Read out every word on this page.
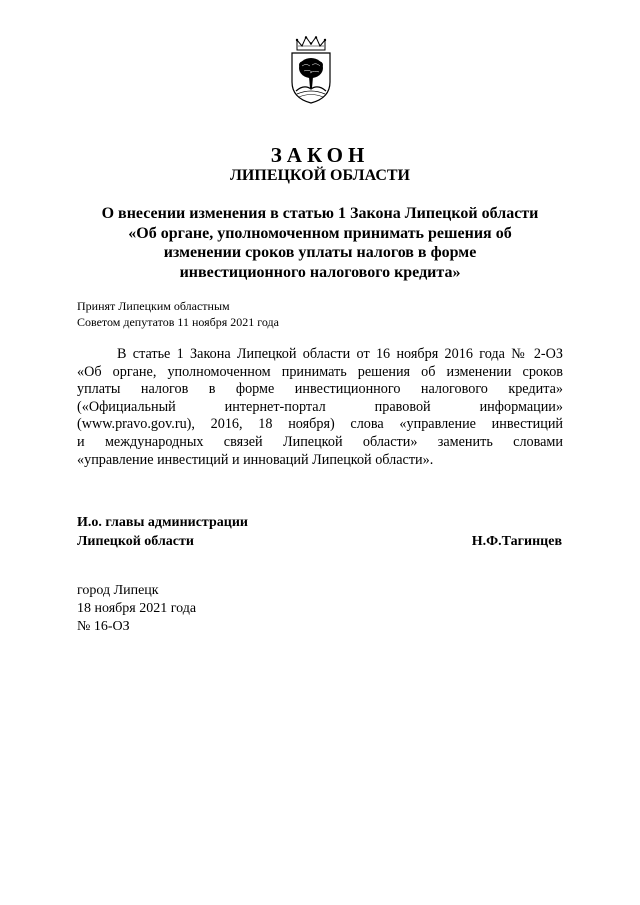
ЗАКОН
ЛИПЕЦКОЙ ОБЛАСТИ
О внесении изменения в статью 1 Закона Липецкой области
«Об органе, уполномоченном принимать решения об
изменении сроков уплаты налогов в форме
инвестиционного налогового кредита»
Принят Липецким областным
Советом депутатов 11 ноября 2021 года
В статье 1 Закона Липецкой области от 16 ноября 2016 года № 2-ОЗ
«Об органе, уполномоченном принимать решения об изменении сроков
уплаты налогов в форме инвестиционного налогового кредита»
(«Официальный интернет-портал правовой информации»
(www.pravo.gov.ru), 2016, 18 ноября) слова «управление инвестиций
и международных связей Липецкой области» заменить словами
«управление инвестиций и инноваций Липецкой области».
И.о. главы администрации
Липецкой области	Н.Ф.Тагинцев
город Липецк
18 ноября 2021 года
№ 16-ОЗ
